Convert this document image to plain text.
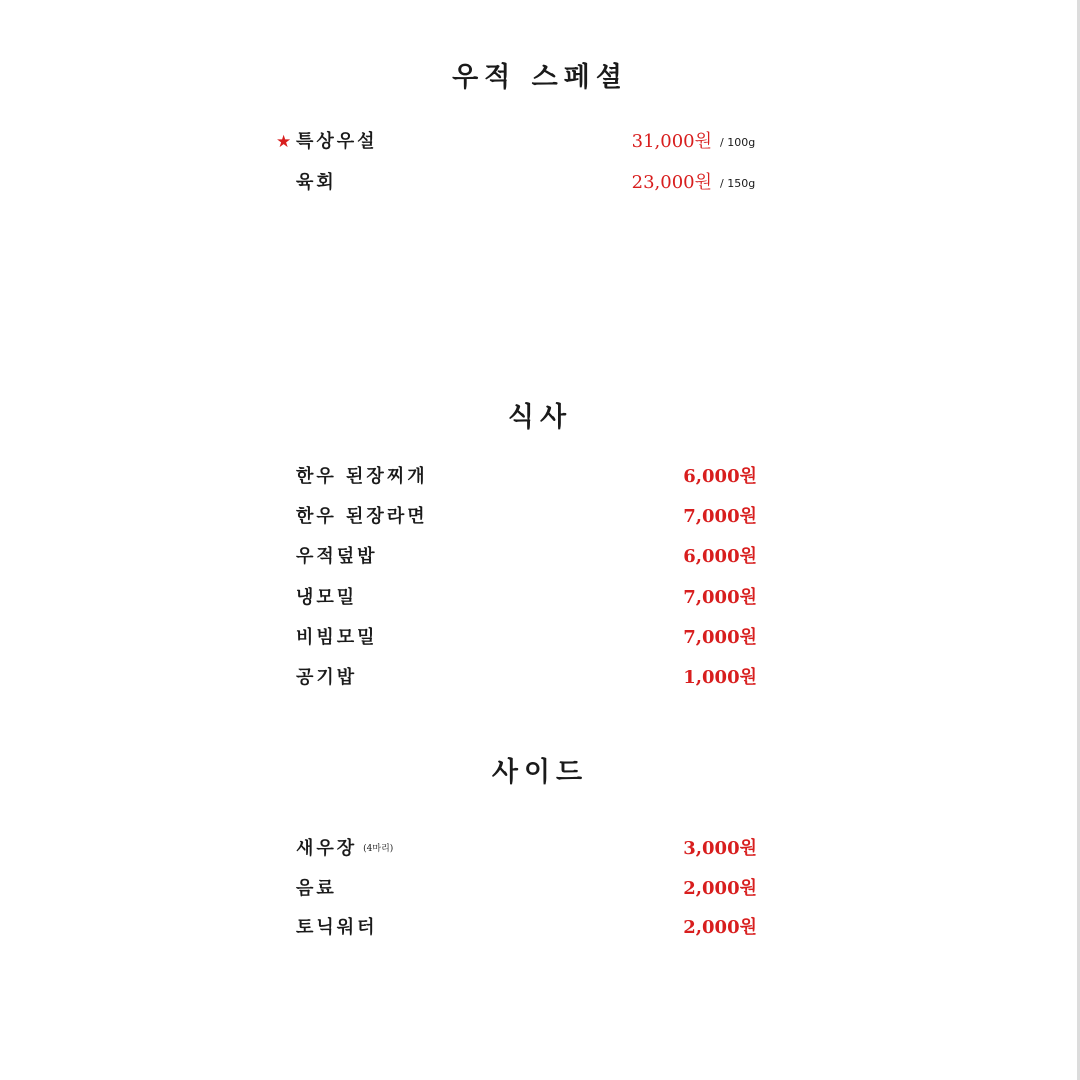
우적 스페셜
★ 특상우설	31,000원 / 100g
육회	23,000원 / 150g
식사
한우 된장찌개	6,000원
한우 된장라면	7,000원
우적덮밥	6,000원
냉모밀	7,000원
비빔모밀	7,000원
공기밥	1,000원
사이드
새우장 (4마리)	3,000원
음료	2,000원
토닉워터	2,000원
